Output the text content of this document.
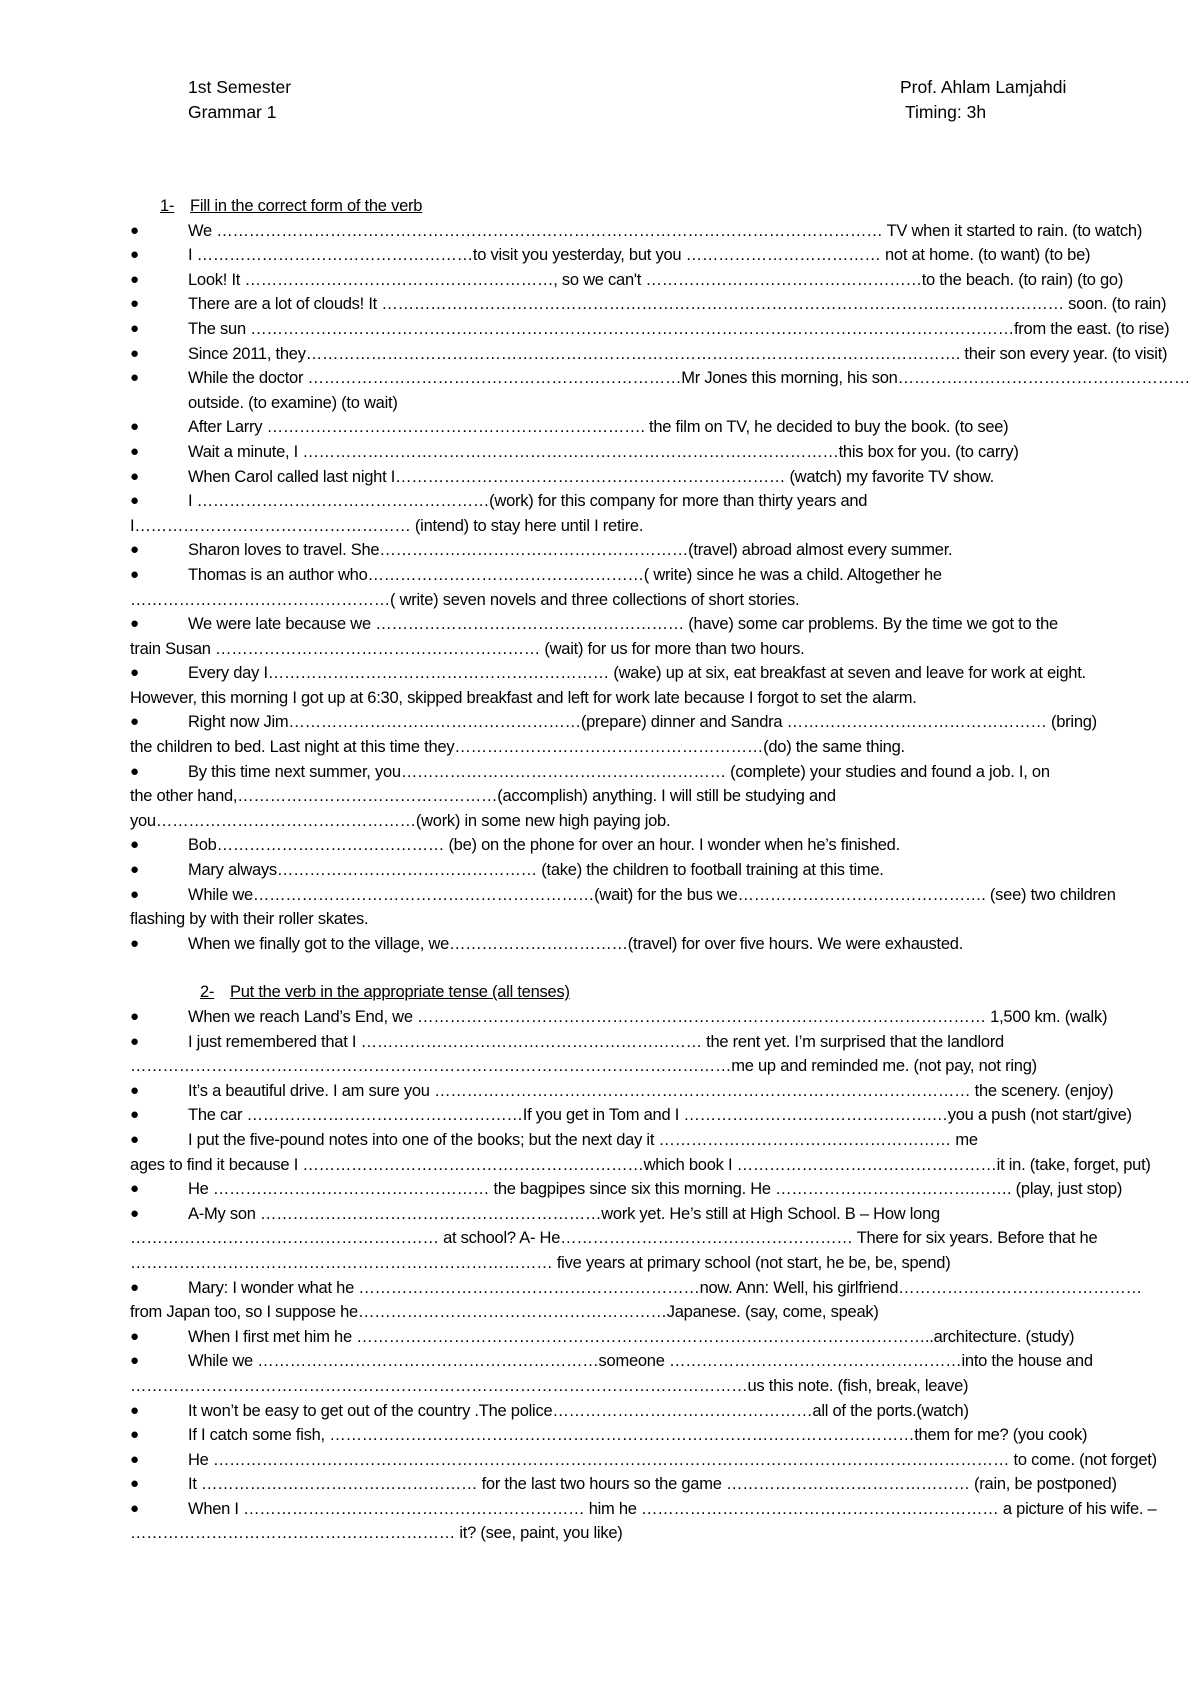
1st Semester	Prof. Ahlam Lamjahdi
Grammar 1	Timing: 3h
1- Fill in the correct form of the verb
●	We …………………………………………………………………………………………………………… TV when it started to rain. (to watch)
●	I ……………………………………………to visit you yesterday, but you ……………………………… not at home. (to want) (to be)
●	Look! It …………………………………………………, so we can't ……………………………………………to the beach. (to rain) (to go)
●	There are a lot of clouds! It ……………………………………………………………………………………………………………… soon. (to rain)
●	The sun ……………………………………………………………………………………………………………………………from the east. (to rise)
●	Since 2011, they…………………………………………………………………………………………………………. their son every year. (to visit)
●	While the doctor ……………………………………………………………Mr Jones this morning, his son………………………………………………
outside. (to examine) (to wait)
●	After Larry ……………………………………………………………. the film on TV, he decided to buy the book. (to see)
●	Wait a minute, I ………………………………………………………………………………………this box for you. (to carry)
●	When Carol called last night I……………………………………………………………… (watch) my favorite TV show.
●	I ………………………………………………(work) for this company for more than thirty years and
I…………………………………………… (intend) to stay here until I retire.
●	Sharon loves to travel. She…………………………………………………(travel) abroad almost every summer.
●	Thomas is an author who……………………………………………( write) since he was a child. Altogether he
…………………………………………( write) seven novels and three collections of short stories.
●	We were late because we ………………………………………………… (have) some car problems. By the time we got to the
train Susan …………………………………………………… (wait) for us for more than two hours.
●	Every day I……………………………………………………… (wake) up at six, eat breakfast at seven and leave for work at eight.
However, this morning I got up at 6:30, skipped breakfast and left for work late because I forgot to set the alarm.
●	Right now Jim………………………………………………(prepare) dinner and Sandra ………………………………………… (bring)
the children to bed. Last night at this time they…………………………………………………(do) the same thing.
●	By this time next summer, you…………………………………………………… (complete) your studies and found a job. I, on
the other hand,…………………………………………(accomplish) anything. I will still be studying and
you…………………………………………(work) in some new high paying job.
●	Bob…………………………………… (be) on the phone for over an hour. I wonder when he’s finished.
●	Mary always………………………………………… (take) the children to football training at this time.
●	While we………………………………………………………(wait) for the bus we………………………………………. (see) two children
flashing by with their roller skates.
●	When we finally got to the village, we……………………………(travel) for over five hours. We were exhausted.
2- Put the verb in the appropriate tense (all tenses)
●	When we reach Land’s End, we …………………………………………………………………………………………… 1,500 km. (walk)
●	I just remembered that I ……………………………………………………… the rent yet. I’m surprised that the landlord
…………………………………………………………………………………………………me up and reminded me. (not pay, not ring)
●	It’s a beautiful drive. I am sure you ……………………………………………………………………………………… the scenery. (enjoy)
●	The car ……………………………………………If you get in Tom and I ……………………………………….…you a push (not start/give)
●	I put the five-pound notes into one of the books; but the next day it ……………………………………………… me
ages to find it because I ………………………………………………………which book I …………………………………………it in. (take, forget, put)
●	He …………………………………………… the bagpipes since six this morning. He ……………………………….……. (play, just stop)
●	A-My son ………………………………………………………work yet. He’s still at High School. B – How long
………………………………………………… at school? A- He……………………………………………… There for six years. Before that he
…………………………………………………………………… five years at primary school (not start, he be, be, spend)
●	Mary: I wonder what he ………………………………………………………now. Ann: Well, his girlfriend………………………………………
from Japan too, so I suppose he…………………………………………………Japanese. (say, come, speak)
●	When I first met him he ……………………………………………………………………………………………..architecture. (study)
●	While we ………………………………………………………someone ………………………………………………into the house and
……………………………………………………………………………………………………us this note. (fish, break, leave)
●	It won’t be easy to get out of the country .The police…………………………………………all of the ports.(watch)
●	If I catch some fish, ………………………………………………………………………………………………them for me? (you cook)
●	He ………………………………………………………………………………………………………………………………… to come. (not forget)
●	It …………………………………………… for the last two hours so the game ……………………………………… (rain, be postponed)
●	When I ……………………………………………………… him he ………………………………………………………… a picture of his wife. –
…………………………………………………… it? (see, paint, you like)
